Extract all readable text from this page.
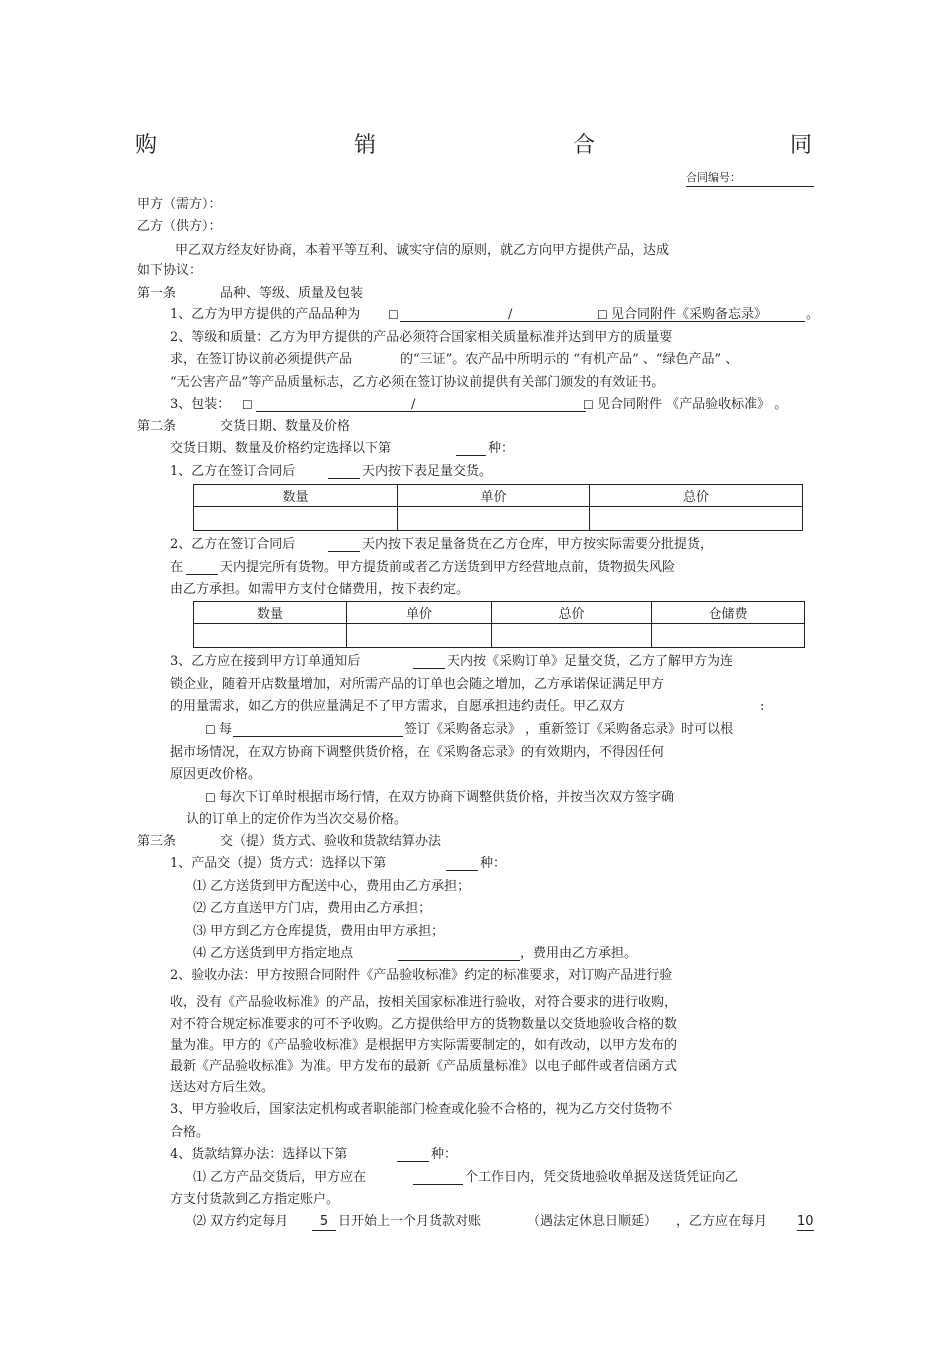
购	销	合	同
合同编号：
甲方（需方）：
乙方（供方）：
甲乙双方经友好协商，本着平等互利、诚实守信的原则，就乙方向甲方提供产品，达成
如下协议：
第一条	品种、等级、质量及包装
1、乙方为甲方提供的产品品种为 ☐	/	☐ 见合同附件《采购备忘录》	。
2、等级和质量：乙方为甲方提供的产品必须符合国家相关质量标准并达到甲方的质量要
求，在签订协议前必须提供产品	的“三证”。农产品中所明示的 “有机产品” 、“绿色产品” 、
“无公害产品”等产品质量标志，乙方必须在签订协议前提供有关部门颁发的有效证书。
3、包装： ☐	/	☐ 见合同附件 《产品验收标准》 。
第二条	交货日期、数量及价格
交货日期、数量及价格约定选择以下第	种：
1、乙方在签订合同后	天内按下表足量交货。
数量	单价	总价

2、乙方在签订合同后	天内按下表足量备货在乙方仓库，甲方按实际需要分批提货，
在	天内提完所有货物。甲方提货前或者乙方送货到甲方经营地点前，货物损失风险
由乙方承担。如需甲方支付仓储费用，按下表约定。
数量	单价	总价	仓储费

3、乙方应在接到甲方订单通知后	天内按《采购订单》足量交货，乙方了解甲方为连
锁企业，随着开店数量增加，对所需产品的订单也会随之增加，乙方承诺保证满足甲方
的用量需求，如乙方的供应量满足不了甲方需求，自愿承担违约责任。甲乙双方	:
☐ 每	签订《采购备忘录》 ，重新签订《采购备忘录》时可以根
据市场情况，在双方协商下调整供货价格，在《采购备忘录》的有效期内，不得因任何
原因更改价格。
☐ 每次下订单时根据市场行情，在双方协商下调整供货价格，并按当次双方签字确
认的订单上的定价作为当次交易价格。
第三条	交（提）货方式、验收和货款结算办法
1、产品交（提）货方式：选择以下第	种：
⑴ 乙方送货到甲方配送中心，费用由乙方承担；
⑵ 乙方直送甲方门店，费用由乙方承担；
⑶ 甲方到乙方仓库提货，费用由甲方承担；
⑷ 乙方送货到甲方指定地点	，费用由乙方承担。
2、验收办法：甲方按照合同附件《产品验收标准》约定的标准要求，对订购产品进行验
收，没有《产品验收标准》的产品，按相关国家标准进行验收，对符合要求的进行收购，
对不符合规定标准要求的可不予收购。乙方提供给甲方的货物数量以交货地验收合格的数
量为准。甲方的《产品验收标准》是根据甲方实际需要制定的，如有改动，以甲方发布的
最新《产品验收标准》为准。甲方发布的最新《产品质量标准》以电子邮件或者信函方式
送达对方后生效。
3、甲方验收后，国家法定机构或者职能部门检查或化验不合格的，视为乙方交付货物不
合格。
4、货款结算办法：选择以下第	种：
⑴ 乙方产品交货后，甲方应在	个工作日内，凭交货地验收单据及送货凭证向乙
方支付货款到乙方指定账户。
⑵ 双方约定每月	5 日开始上一个月货款对账	（遇法定休息日顺延） ，乙方应在每月 10
